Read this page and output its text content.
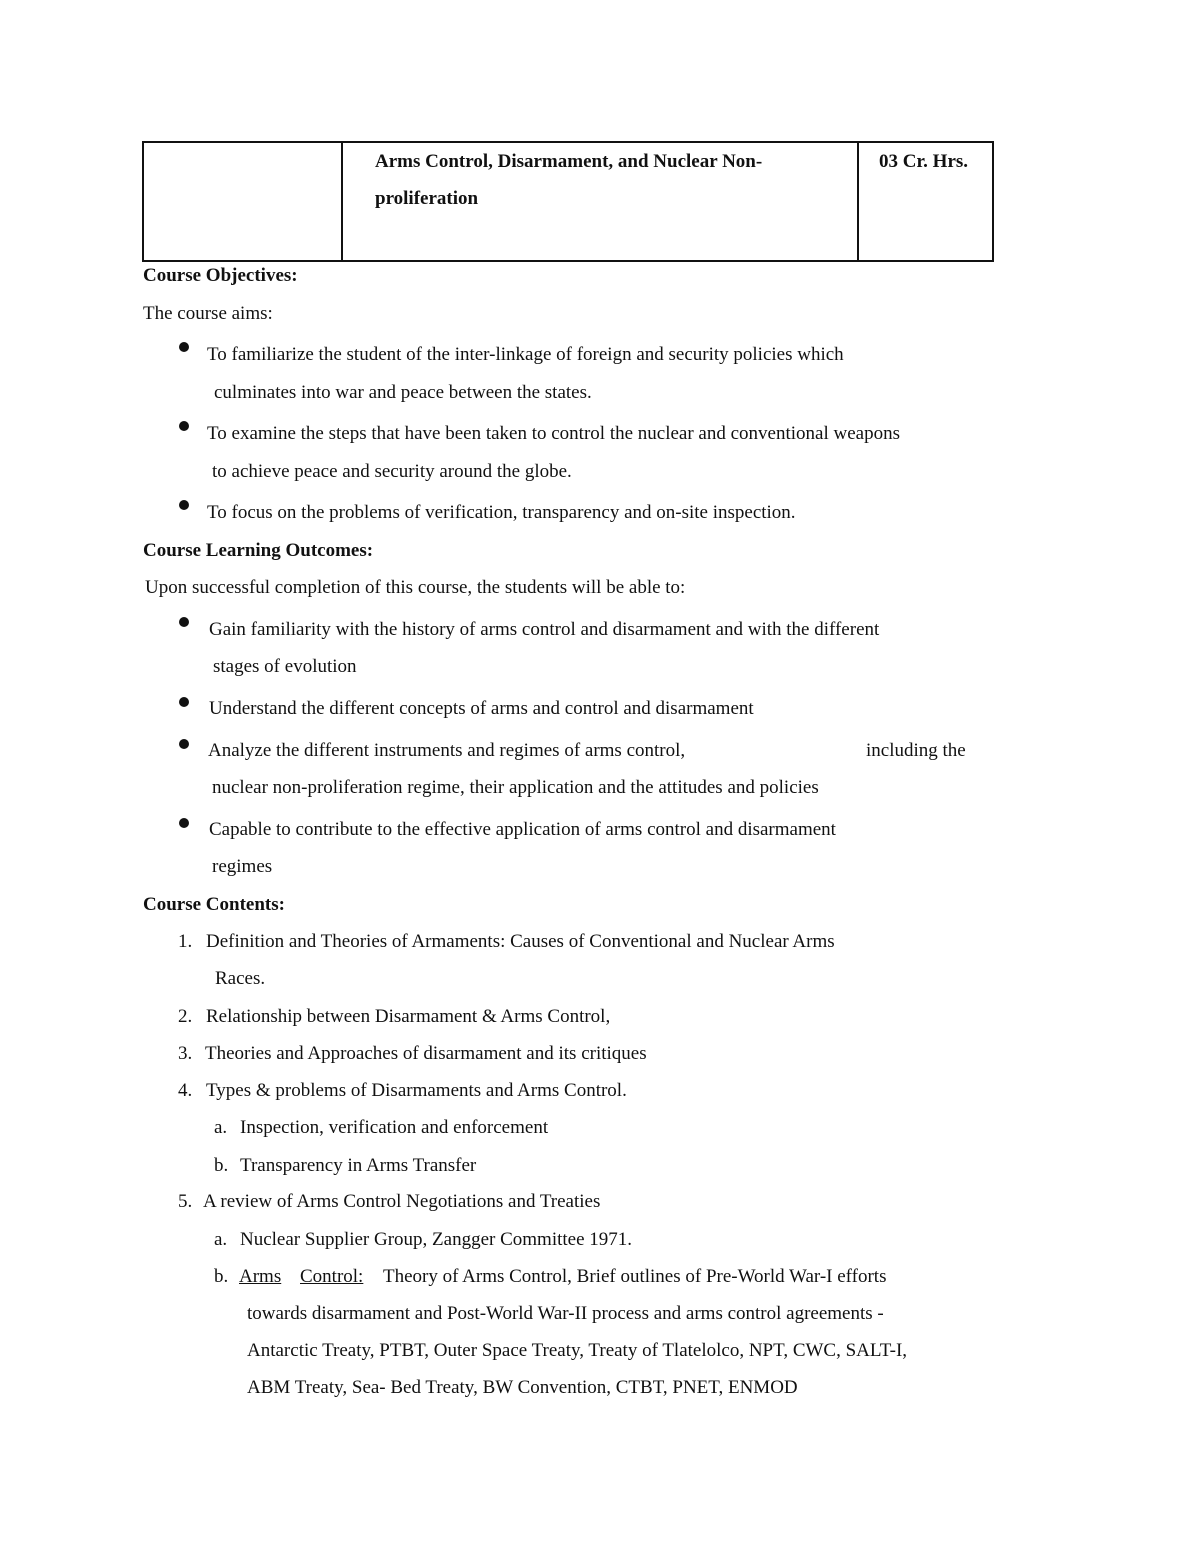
Arms Control, Disarmament, and Nuclear Non-
proliferation

03 Cr. Hrs.
Course Objectives:
The course aims:
To familiarize the student of the inter-linkage of foreign and security policies which
culminates into war and peace between the states.
To examine the steps that have been taken to control the nuclear and conventional weapons
to achieve peace and security around the globe.
To focus on the problems of verification, transparency and on-site inspection.
Course Learning Outcomes:
Upon successful completion of this course, the students will be able to:
Gain familiarity with the history of arms control and disarmament and with the different
stages of evolution
Understand the different concepts of arms and control and disarmament
Analyze the different instruments and regimes of arms control,	including the
nuclear non-proliferation regime, their application and the attitudes and policies
Capable to contribute to the effective application of arms control and disarmament
regimes
Course Contents:
1. Definition and Theories of Armaments: Causes of Conventional and Nuclear Arms
Races.
2. Relationship between Disarmament & Arms Control,
3. Theories and Approaches of disarmament and its critiques
4. Types & problems of Disarmaments and Arms Control.
a. Inspection, verification and enforcement
b. Transparency in Arms Transfer
5. A review of Arms Control Negotiations and Treaties
a. Nuclear Supplier Group, Zangger Committee 1971.
b. Arms Control: Theory of Arms Control, Brief outlines of Pre-World War-I efforts
towards disarmament and Post-World War-II process and arms control agreements -
Antarctic Treaty, PTBT, Outer Space Treaty, Treaty of Tlatelolco, NPT, CWC, SALT-I,
ABM Treaty, Sea- Bed Treaty, BW Convention, CTBT, PNET, ENMOD
